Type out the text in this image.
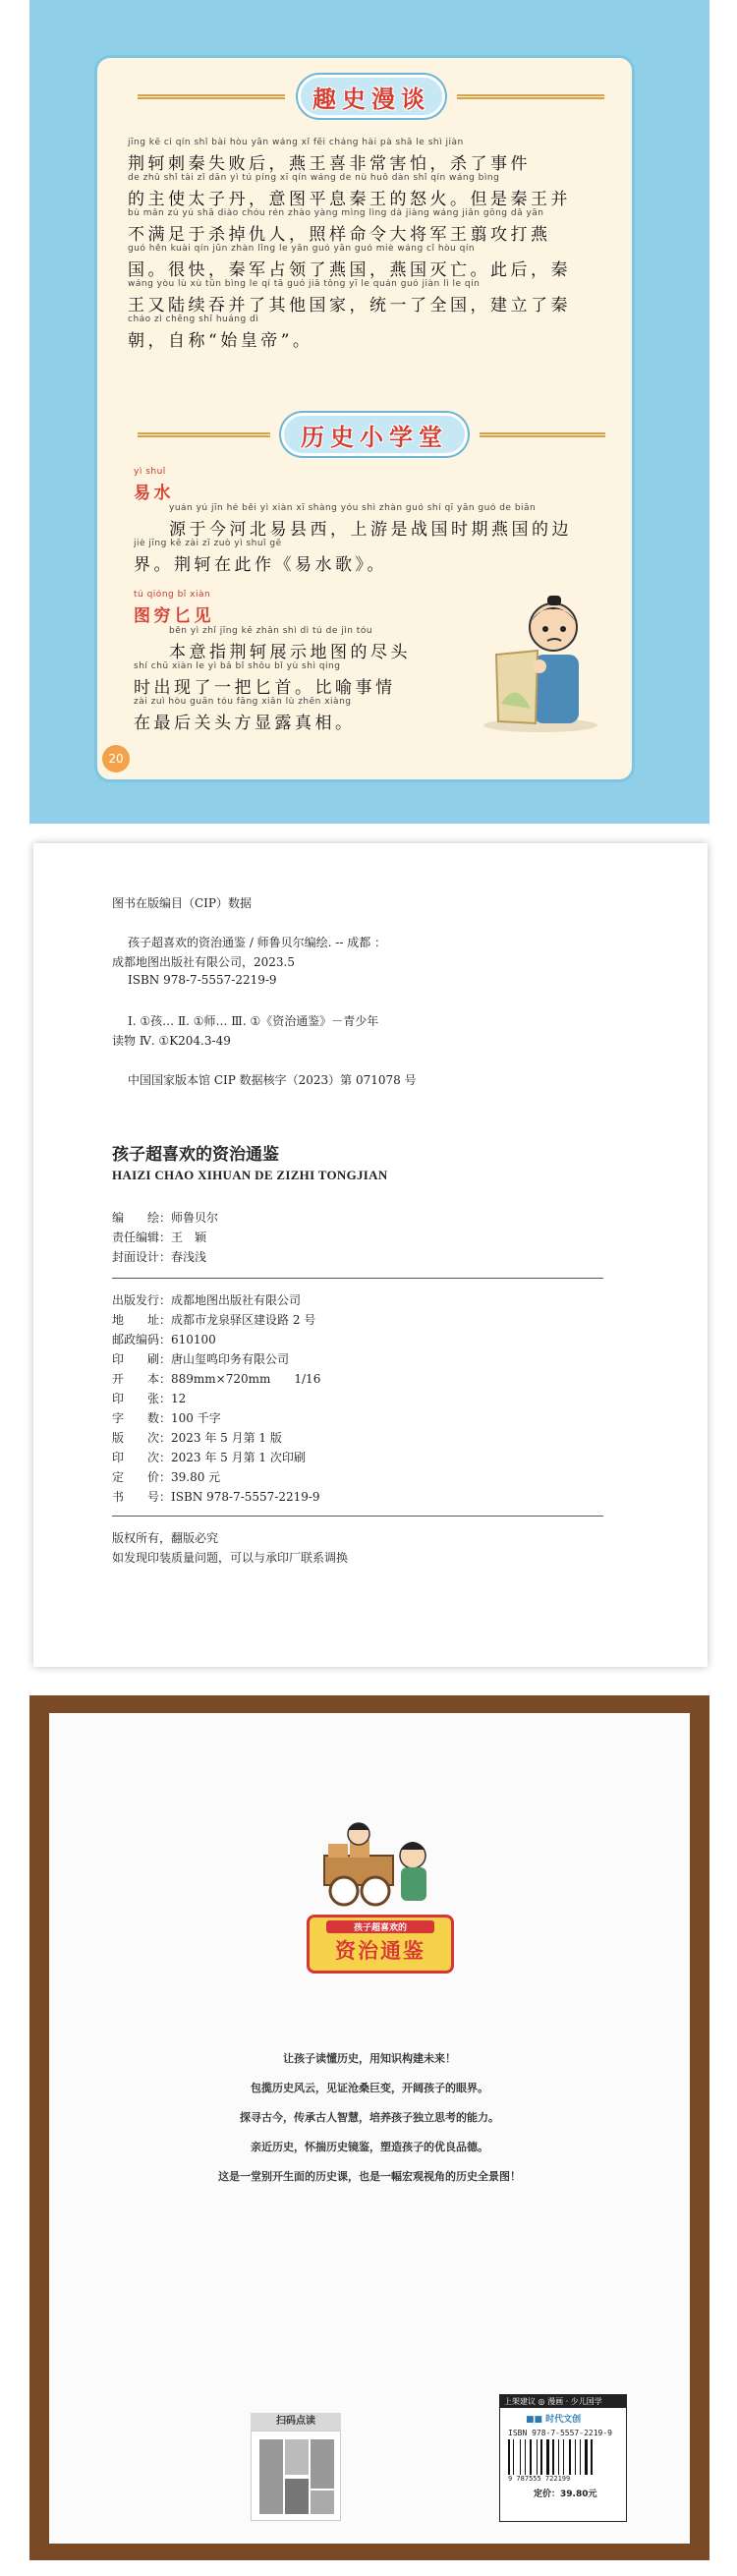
趣史漫谈
jīng kē cì qín shǐ bài hòu yān wáng xǐ fēi cháng hài pà shā le shì jiàn
荆轲刺秦失败后，燕王喜非常害怕，杀了事件
de zhǔ shǐ tài zǐ dān yì tú píng xī qín wáng de nù huǒ dàn shǐ qín wáng bìng
的主使太子丹，意图平息秦王的怒火。但是秦王并
bù mǎn zú yú shā diào chóu rén zhào yàng mìng lìng dà jiàng wáng jiǎn gōng dǎ yān
不满足于杀掉仇人，照样命令大将军王翦攻打燕
guó hěn kuài qín jūn zhàn lǐng le yān guó yān guó miè wáng cǐ hòu qín
国。很快，秦军占领了燕国，燕国灭亡。此后，秦
wáng yòu lù xù tūn bìng le qí tā guó jiā tǒng yī le quán guó jiàn lì le qín
王又陆续吞并了其他国家，统一了全国，建立了秦
cháo zì chēng shǐ huáng dì
朝，自称“始皇帝”。
历史小学堂
yì shuǐ
易水
yuán yú jīn hé běi yì xiàn xī shàng yóu shì zhàn guó shí qī yān guó de biān
源于今河北易县西，上游是战国时期燕国的边
jiè jīng kē zài zī zuò yì shuǐ gē
界。荆轲在此作《易水歌》。
tú qióng bǐ xiàn
图穷匕见
běn yì zhǐ jīng kē zhǎn shì dì tú de jìn tóu
本意指荆轲展示地图的尽头
shí chū xiàn le yì bǎ bǐ shǒu bǐ yù shì qíng
时出现了一把匕首。比喻事情
zài zuì hòu guān tóu fāng xiǎn lù zhēn xiàng
在最后关头方显露真相。
20
图书在版编目（CIP）数据
孩子超喜欢的资治通鉴 / 师鲁贝尔编绘. -- 成都 ：
成都地图出版社有限公司，2023.5
ISBN 978-7-5557-2219-9
Ⅰ. ①孩… Ⅱ. ①师… Ⅲ. ①《资治通鉴》－青少年
读物 Ⅳ. ①K204.3-49
中国国家版本馆 CIP 数据核字（2023）第 071078 号
孩子超喜欢的资治通鉴
HAIZI CHAO XIHUAN DE ZIZHI TONGJIAN
编　　绘：师鲁贝尔
责任编辑：王　颖
封面设计：春浅浅
出版发行：成都地图出版社有限公司
地　　址：成都市龙泉驿区建设路 2 号
邮政编码：610100
印　　刷：唐山玺鸣印务有限公司
开　　本：889mm×720mm　　1/16
印　　张：12
字　　数：100 千字
版　　次：2023 年 5 月第 1 版
印　　次：2023 年 5 月第 1 次印刷
定　　价：39.80 元
书　　号：ISBN 978-7-5557-2219-9
版权所有，翻版必究
如发现印装质量问题，可以与承印厂联系调换
孩子超喜欢的
资治通鉴
让孩子读懂历史，用知识构建未来！
包揽历史风云，见证沧桑巨变，开阔孩子的眼界。
探寻古今，传承古人智慧，培养孩子独立思考的能力。
亲近历史，怀揣历史镜鉴，塑造孩子的优良品德。
这是一堂别开生面的历史课，也是一幅宏观视角的历史全景图！
扫码点读
上架建议 ◎ 漫画 · 少儿国学
■■ 时代文创
ISBN 978-7-5557-2219-9
9 787555 722199
定价：39.80元
